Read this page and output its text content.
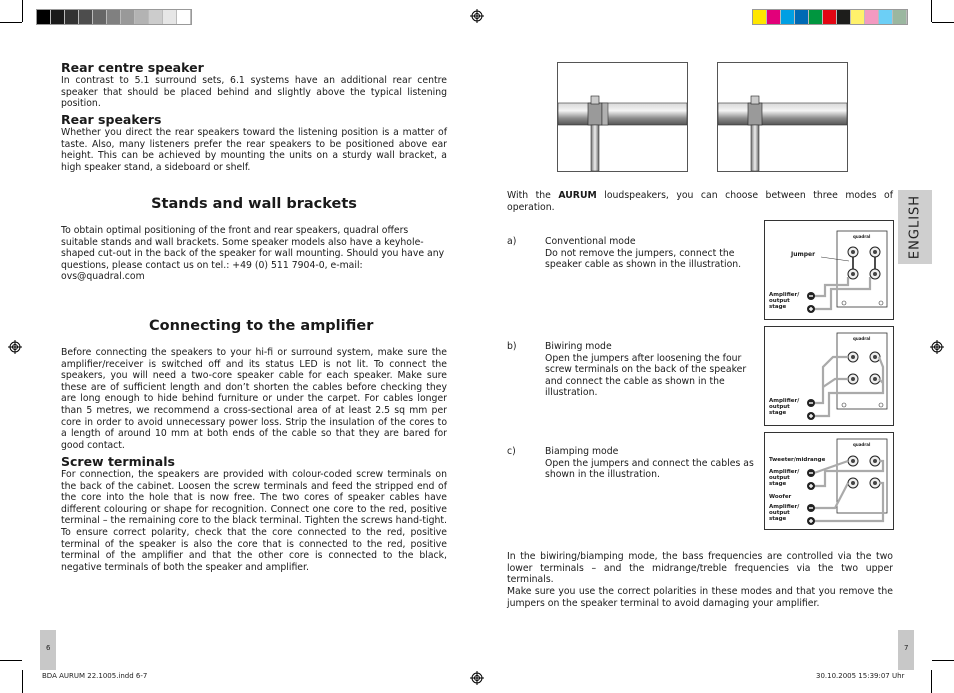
Rear centre speaker

In contrast to 5.1 surround sets, 6.1 systems have an additional rear centre speaker that should be placed behind and slightly above the typical listening position.

Rear speakers

Whether you direct the rear speakers toward the listening position is a matter of taste. Also, many listeners prefer the rear speakers to be positioned above ear height. This can be achieved by mounting the units on a sturdy wall bracket, a high speaker stand, a sideboard or shelf.

Stands and wall brackets

To obtain optimal positioning of the front and rear speakers, quadral offers suitable stands and wall brackets. Some speaker models also have a keyhole-shaped cut-out in the back of the speaker for wall mounting. Should you have any questions, please contact us on tel.: +49 (0) 511 7904-0, e-mail: ovs@quadral.com

Connecting to the amplifier

Before connecting the speakers to your hi-fi or surround system, make sure the amplifier/receiver is switched off and its status LED is not lit. To connect the speakers, you will need a two-core speaker cable for each speaker. Make sure these are of sufficient length and don’t shorten the cables before checking they are long enough to hide behind furniture or under the carpet. For cables longer than 5 metres, we recommend a cross-sectional area of at least 2.5 sq mm per core in order to avoid unnecessary power loss. Strip the insulation of the cores to a length of around 10 mm at both ends of the cable so that they are bared for good contact.

Screw terminals

For connection, the speakers are provided with colour-coded screw terminals on the back of the cabinet. Loosen the screw terminals and feed the stripped end of the core into the hole that is now free. The two cores of speaker cables have different colouring or shape for recognition. Connect one core to the red, positive terminal – the remaining core to the black terminal. Tighten the screws hand-tight. To ensure correct polarity, check that the core connected to the red, positive terminal of the speaker is also the core that is connected to the red, positive terminal of the amplifier and that the other core is connected to the black, negative terminals of both the speaker and amplifier.

6

With the AURUM loudspeakers, you can choose between three modes of

operation.

a)	Conventional mode

Do not remove the jumpers, connect the speaker cable as shown in the illustration.

b)	Biwiring mode

Open the jumpers after loosening the four screw terminals on the back of the speaker and connect the cable as shown in the illustration.

c)	Biamping mode

Open the jumpers and connect the cables as shown in the illustration.

quadral
Jumper
Amplifier/
output
stage
quadral
Amplifier/
output
stage
quadral
Tweeter/midrange
Amplifier/
output
stage
Woofer
Amplifier/
output
stage

In the biwiring/biamping mode, the bass frequencies are controlled via the two lower terminals – and the midrange/treble frequencies via the two upper terminals.

Make sure you use the correct polarities in these modes and that you remove the jumpers on the speaker terminal to avoid damaging your amplifier.

ENGLISH
7
BDA AURUM 22.1005.indd 6-7	30.10.2005 15:39:07 Uhr
